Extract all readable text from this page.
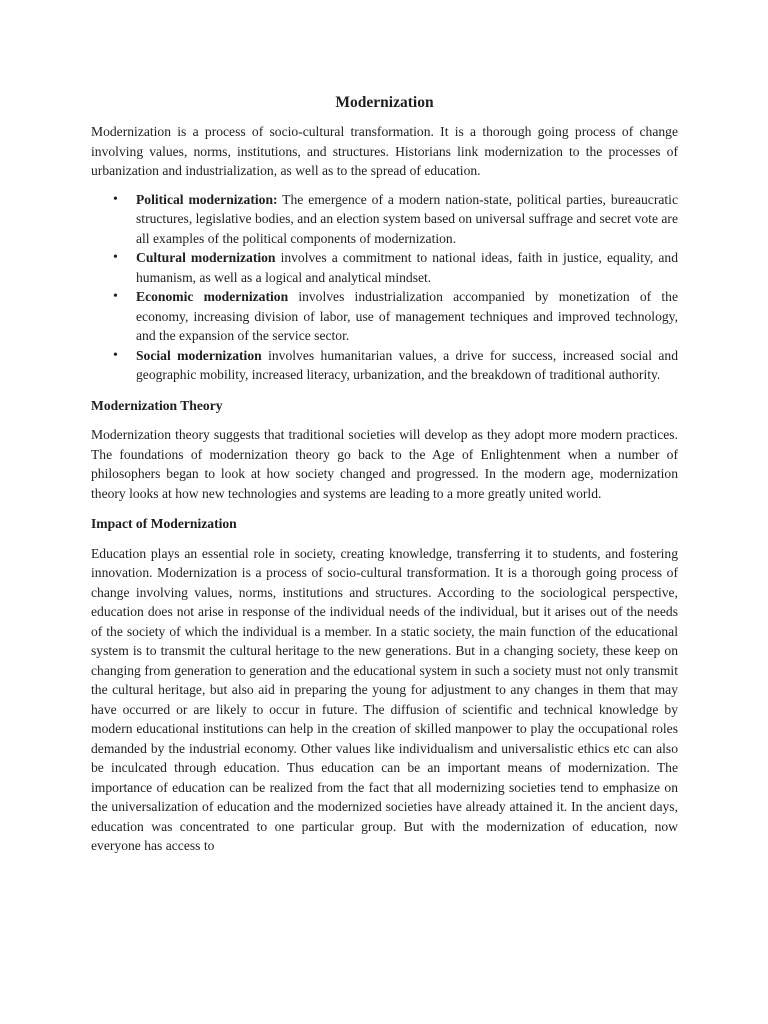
Modernization

Modernization is a process of socio-cultural transformation. It is a thorough going process of change involving values, norms, institutions, and structures. Historians link modernization to the processes of urbanization and industrialization, as well as to the spread of education.

• Political modernization: The emergence of a modern nation-state, political parties, bureaucratic structures, legislative bodies, and an election system based on universal suffrage and secret vote are all examples of the political components of modernization.
• Cultural modernization involves a commitment to national ideas, faith in justice, equality, and humanism, as well as a logical and analytical mindset.
• Economic modernization involves industrialization accompanied by monetization of the economy, increasing division of labor, use of management techniques and improved technology, and the expansion of the service sector.
• Social modernization involves humanitarian values, a drive for success, increased social and geographic mobility, increased literacy, urbanization, and the breakdown of traditional authority.
Modernization Theory

Modernization theory suggests that traditional societies will develop as they adopt more modern practices. The foundations of modernization theory go back to the Age of Enlightenment when a number of philosophers began to look at how society changed and progressed. In the modern age, modernization theory looks at how new technologies and systems are leading to a more greatly united world.

Impact of Modernization

Education plays an essential role in society, creating knowledge, transferring it to students, and fostering innovation. Modernization is a process of socio-cultural transformation. It is a thorough going process of change involving values, norms, institutions and structures. According to the sociological perspective, education does not arise in response of the individual needs of the individual, but it arises out of the needs of the society of which the individual is a member. In a static society, the main function of the educational system is to transmit the cultural heritage to the new generations. But in a changing society, these keep on changing from generation to generation and the educational system in such a society must not only transmit the cultural heritage, but also aid in preparing the young for adjustment to any changes in them that may have occurred or are likely to occur in future. The diffusion of scientific and technical knowledge by modern educational institutions can help in the creation of skilled manpower to play the occupational roles demanded by the industrial economy. Other values like individualism and universalistic ethics etc can also be inculcated through education. Thus education can be an important means of modernization. The importance of education can be realized from the fact that all modernizing societies tend to emphasize on the universalization of education and the modernized societies have already attained it. In the ancient days, education was concentrated to one particular group. But with the modernization of education, now everyone has access to
